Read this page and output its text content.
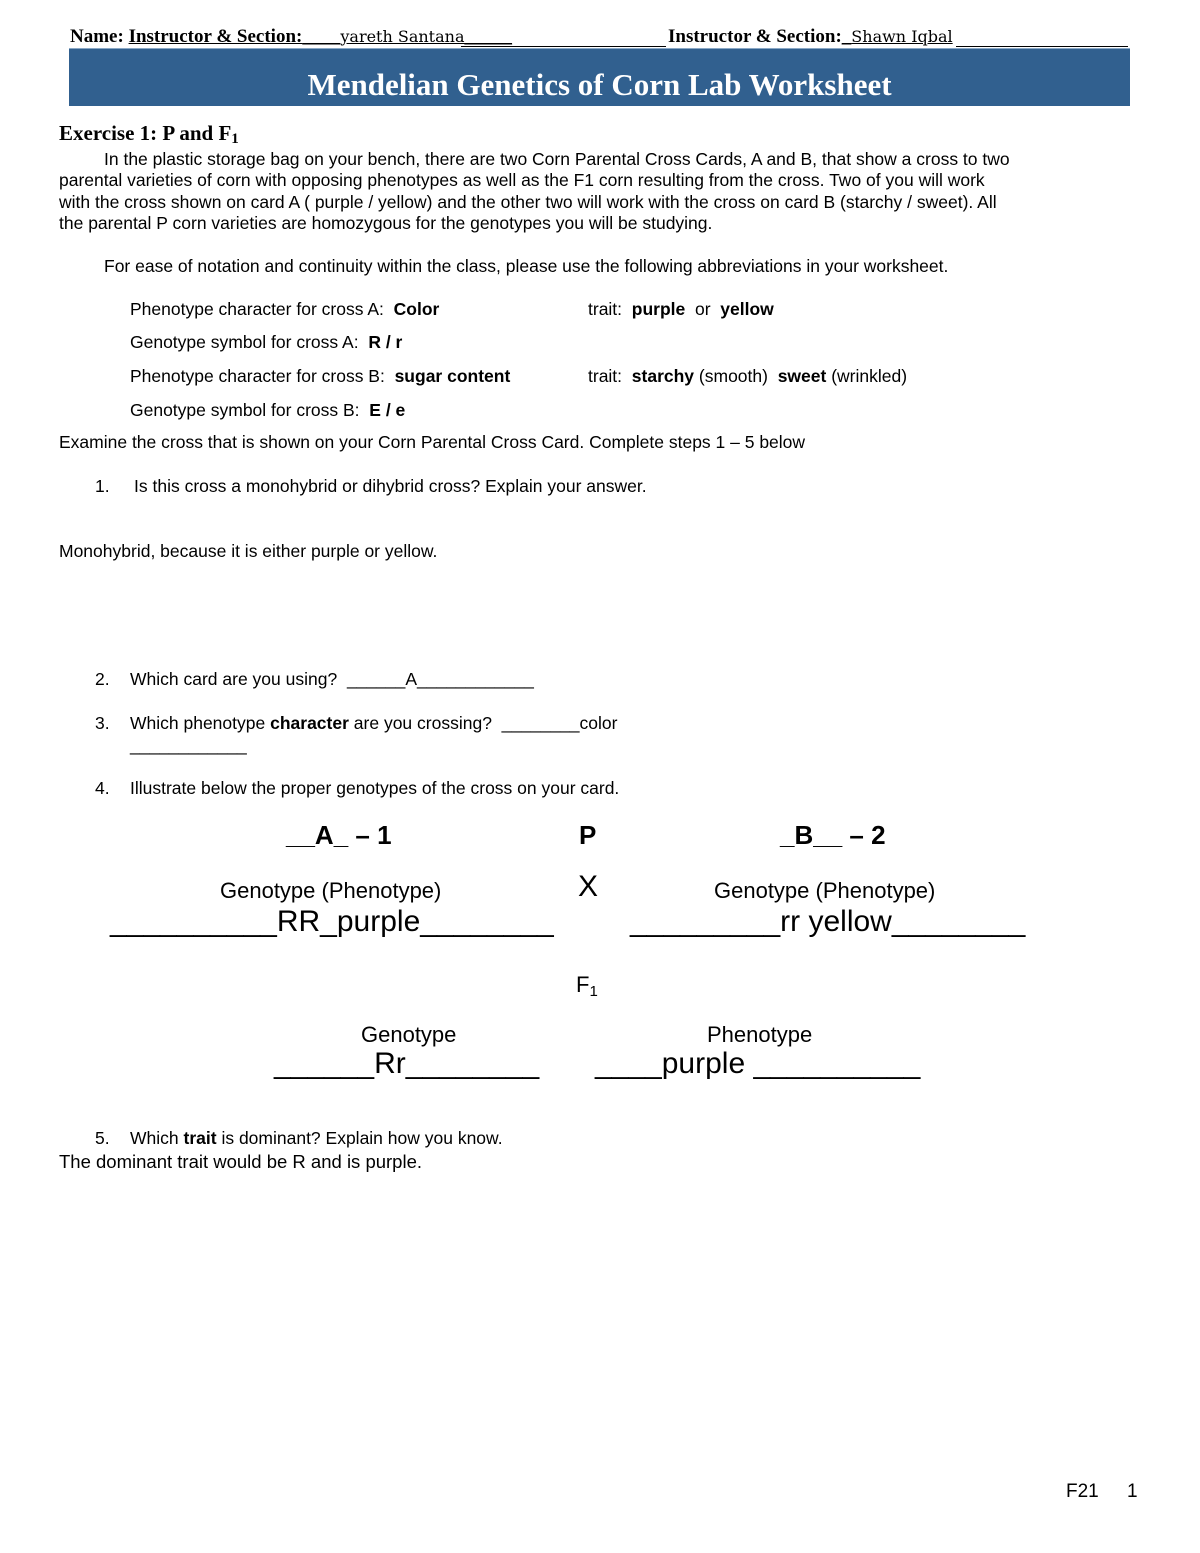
Name: Instructor & Section:____yareth Santana_____	Instructor & Section:_Shawn Iqbal
Mendelian Genetics of Corn Lab Worksheet
Exercise 1: P and F1
In the plastic storage bag on your bench, there are two Corn Parental Cross Cards, A and B, that show a cross to two
parental varieties of corn with opposing phenotypes as well as the F1 corn resulting from the cross. Two of you will work
with the cross shown on card A ( purple / yellow) and the other two will work with the cross on card B (starchy / sweet). All
the parental P corn varieties are homozygous for the genotypes you will be studying.
For ease of notation and continuity within the class, please use the following abbreviations in your worksheet.
Phenotype character for cross A: Color	trait: purple or yellow
Genotype symbol for cross A: R / r
Phenotype character for cross B: sugar content	trait: starchy (smooth) sweet (wrinkled)
Genotype symbol for cross B: E / e
Examine the cross that is shown on your Corn Parental Cross Card. Complete steps 1 – 5 below
1. Is this cross a monohybrid or dihybrid cross? Explain your answer.
Monohybrid, because it is either purple or yellow.
2. Which card are you using? ______A____________
3. Which phenotype character are you crossing? ________color
____________
4. Illustrate below the proper genotypes of the cross on your card.
__A_ – 1	P	_B__ – 2
Genotype (Phenotype)	X	Genotype (Phenotype)
__________RR_purple________	_________rr yellow________
F1
Genotype	Phenotype
______Rr________ ____purple __________
5. Which trait is dominant? Explain how you know.
The dominant trait would be R and is purple.
F21 1
